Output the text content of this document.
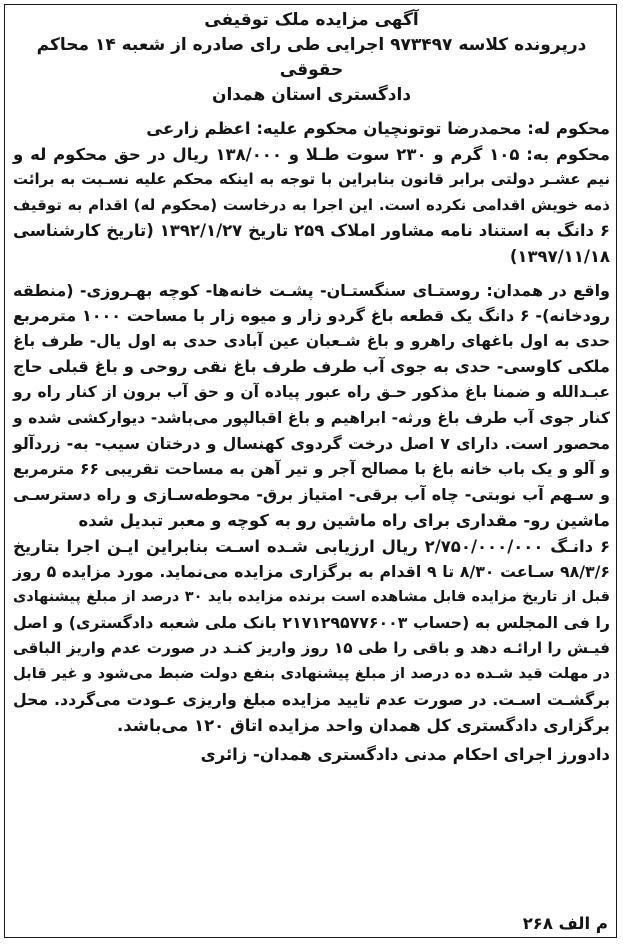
آگهی مزایده ملک توقیفی
درپرونده کلاسه ۹۷۳۴۹۷ اجرایی طی رای صادره از شعبه ۱۴ محاکم حقوقی
دادگستری استان همدان
محکوم له: محمدرضا توتونچیان محکوم علیه: اعظم زارعی
محکوم به: ۱۰۵ گرم و ۲۳۰ سوت طـلا و ۱۳۸/۰۰۰ ریال در حق محکوم له و
نیم عشـر دولتی برابر قانون بنابراین با توجه به اینکه محکم علیه نسـبت به برائت
ذمه خویش اقدامی نکرده است. این اجرا به درخاست (محکوم له) اقدام به توقیف
۶ دانگ به استناد نامه مشاور املاک ۲۵۹ تاریخ ۱۳۹۲/۱/۲۷ (تاریخ کارشناسی
۱۳۹۷/۱۱/۱۸)
واقع در همدان: روستـای سنگستـان- پشـت خانه‌ها- کوچه بهـروزی- (منطقه
رودخانه)- ۶ دانگ یک قطعه باغ گردو زار و میوه زار با مساحت ۱۰۰۰ مترمربع
حدی به اول باغهای راهرو و باغ شـعبان عین آبادی حدی به اول یال- طرف باغ
ملکی کاوسی- حدی به جوی آب طرف طرف باغ نقی روحی و باغ قبلی حاج
عبـدالله و ضمنا باغ مذکور حـق راه عبور پیاده آن و حق آب برون از کنار راه رو
کنار جوی آب طرف باغ ورثه- ابراهیم و باغ اقبالپور می‌باشد- دیوارکشی شده و
محصور است. دارای ۷ اصل درخت گردوی کهنسال و درختان سیب- به- زردآلو
و آلو و یک باب خانه باغ با مصالح آجر و تیر آهن به مساحت تقریبی ۶۶ مترمربع
و سـهم آب نوبتی- چاه آب برقی- امتیاز برق- محوطه‌سـازی و راه دسترسـی
ماشین رو- مقداری برای راه ماشین رو به کوچه و معبر تبدیل شده
۶ دانـگ ۲/۷۵۰/۰۰۰/۰۰۰ ریال ارزیابی شـده اسـت بنابراین ایـن اجرا بتاریخ
۹۸/۳/۶ سـاعت ۸/۳۰ تا ۹ اقدام به برگزاری مزایده می‌نماید. مورد مزایده ۵ روز
قبل از تاریخ مزایده قابل مشاهده است برنده مزایده باید ۳۰ درصد از مبلغ پیشنهادی
را فی المجلس به (حساب ۲۱۷۱۲۹۵۷۷۶۰۰۳ بانک ملی شعبه دادگستری) و اصل
فیـش را ارائـه دهد و باقی را طی ۱۵ روز واریز کنـد در صورت عدم واریز الباقی
در مهلت قید شـده ده درصد از مبلغ پیشنهادی بنفع دولت ضبط می‌شود و غیر قابل
برگشـت اسـت. در صورت عدم تایید مزایده مبلغ واریزی عـودت می‌گردد. محل
برگزاری دادگستری کل همدان واحد مزایده اتاق ۱۲۰ می‌باشد.
دادورز اجرای احکام مدنی دادگستری همدان- زائری
م الف ۲۶۸
